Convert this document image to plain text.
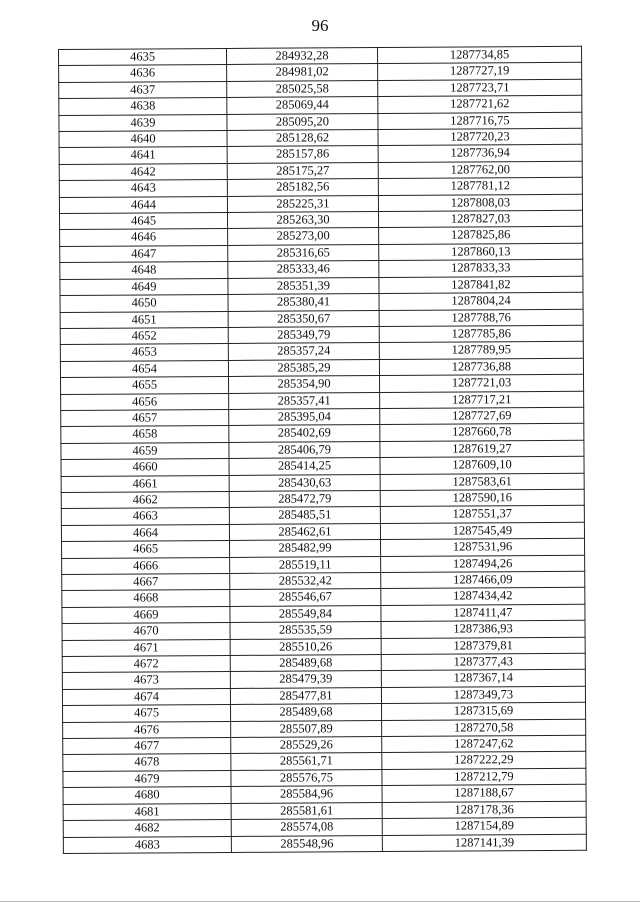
96
4635	284932,28	1287734,85
4636	284981,02	1287727,19
4637	285025,58	1287723,71
4638	285069,44	1287721,62
4639	285095,20	1287716,75
4640	285128,62	1287720,23
4641	285157,86	1287736,94
4642	285175,27	1287762,00
4643	285182,56	1287781,12
4644	285225,31	1287808,03
4645	285263,30	1287827,03
4646	285273,00	1287825,86
4647	285316,65	1287860,13
4648	285333,46	1287833,33
4649	285351,39	1287841,82
4650	285380,41	1287804,24
4651	285350,67	1287788,76
4652	285349,79	1287785,86
4653	285357,24	1287789,95
4654	285385,29	1287736,88
4655	285354,90	1287721,03
4656	285357,41	1287717,21
4657	285395,04	1287727,69
4658	285402,69	1287660,78
4659	285406,79	1287619,27
4660	285414,25	1287609,10
4661	285430,63	1287583,61
4662	285472,79	1287590,16
4663	285485,51	1287551,37
4664	285462,61	1287545,49
4665	285482,99	1287531,96
4666	285519,11	1287494,26
4667	285532,42	1287466,09
4668	285546,67	1287434,42
4669	285549,84	1287411,47
4670	285535,59	1287386,93
4671	285510,26	1287379,81
4672	285489,68	1287377,43
4673	285479,39	1287367,14
4674	285477,81	1287349,73
4675	285489,68	1287315,69
4676	285507,89	1287270,58
4677	285529,26	1287247,62
4678	285561,71	1287222,29
4679	285576,75	1287212,79
4680	285584,96	1287188,67
4681	285581,61	1287178,36
4682	285574,08	1287154,89
4683	285548,96	1287141,39
